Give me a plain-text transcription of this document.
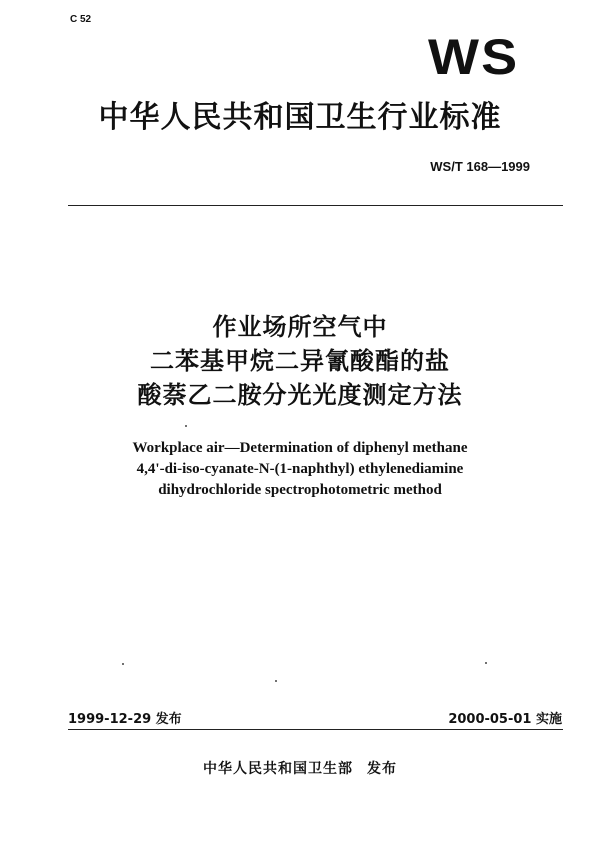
C 52
WS
中华人民共和国卫生行业标准
WS/T 168—1999
作业场所空气中
二苯基甲烷二异氰酸酯的盐
酸萘乙二胺分光光度测定方法
Workplace air—Determination of diphenyl methane
4,4'-di-iso-cyanate-N-(1-naphthyl) ethylenediamine
dihydrochloride spectrophotometric method
1999-12-29 发布	2000-05-01 实施
中华人民共和国卫生部 发布
